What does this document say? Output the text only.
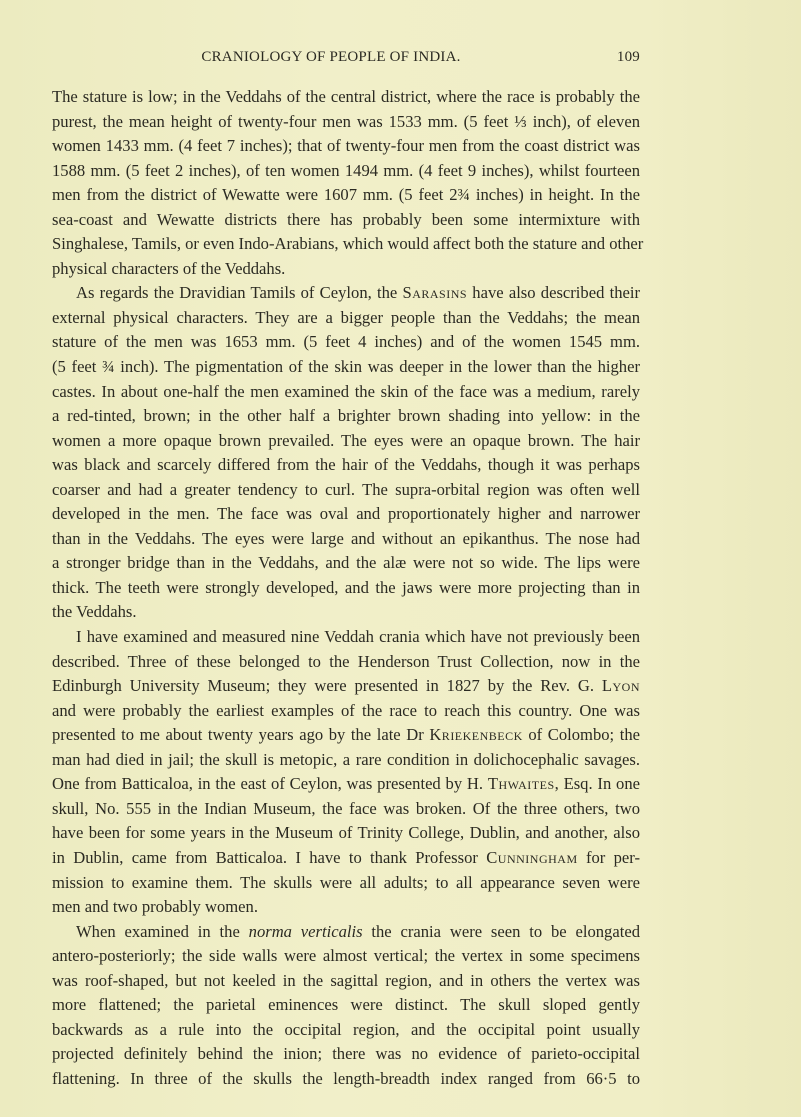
CRANIOLOGY OF PEOPLE OF INDIA.	109
The stature is low; in the Veddahs of the central district, where the race is probably the
purest, the mean height of twenty-four men was 1533 mm. (5 feet ⅓ inch), of eleven
women 1433 mm. (4 feet 7 inches); that of twenty-four men from the coast district was
1588 mm. (5 feet 2 inches), of ten women 1494 mm. (4 feet 9 inches), whilst fourteen
men from the district of Wewatte were 1607 mm. (5 feet 2¾ inches) in height. In the
sea-coast and Wewatte districts there has probably been some intermixture with
Singhalese, Tamils, or even Indo-Arabians, which would affect both the stature and other
physical characters of the Veddahs.
As regards the Dravidian Tamils of Ceylon, the Sarasins have also described their
external physical characters. They are a bigger people than the Veddahs; the mean
stature of the men was 1653 mm. (5 feet 4 inches) and of the women 1545 mm.
(5 feet ¾ inch). The pigmentation of the skin was deeper in the lower than the higher
castes. In about one-half the men examined the skin of the face was a medium, rarely
a red-tinted, brown; in the other half a brighter brown shading into yellow: in the
women a more opaque brown prevailed. The eyes were an opaque brown. The hair
was black and scarcely differed from the hair of the Veddahs, though it was perhaps
coarser and had a greater tendency to curl. The supra-orbital region was often well
developed in the men. The face was oval and proportionately higher and narrower
than in the Veddahs. The eyes were large and without an epikanthus. The nose had
a stronger bridge than in the Veddahs, and the alæ were not so wide. The lips were
thick. The teeth were strongly developed, and the jaws were more projecting than in
the Veddahs.
I have examined and measured nine Veddah crania which have not previously been
described. Three of these belonged to the Henderson Trust Collection, now in the
Edinburgh University Museum; they were presented in 1827 by the Rev. G. Lyon
and were probably the earliest examples of the race to reach this country. One was
presented to me about twenty years ago by the late Dr Kriekenbeck of Colombo; the
man had died in jail; the skull is metopic, a rare condition in dolichocephalic savages.
One from Batticaloa, in the east of Ceylon, was presented by H. Thwaites, Esq. In one
skull, No. 555 in the Indian Museum, the face was broken. Of the three others, two
have been for some years in the Museum of Trinity College, Dublin, and another, also
in Dublin, came from Batticaloa. I have to thank Professor Cunningham for per-
mission to examine them. The skulls were all adults; to all appearance seven were
men and two probably women.
When examined in the norma verticalis the crania were seen to be elongated
antero-posteriorly; the side walls were almost vertical; the vertex in some specimens
was roof-shaped, but not keeled in the sagittal region, and in others the vertex was
more flattened; the parietal eminences were distinct. The skull sloped gently
backwards as a rule into the occipital region, and the occipital point usually
projected definitely behind the inion; there was no evidence of parieto-occipital
flattening. In three of the skulls the length-breadth index ranged from 66·5 to
